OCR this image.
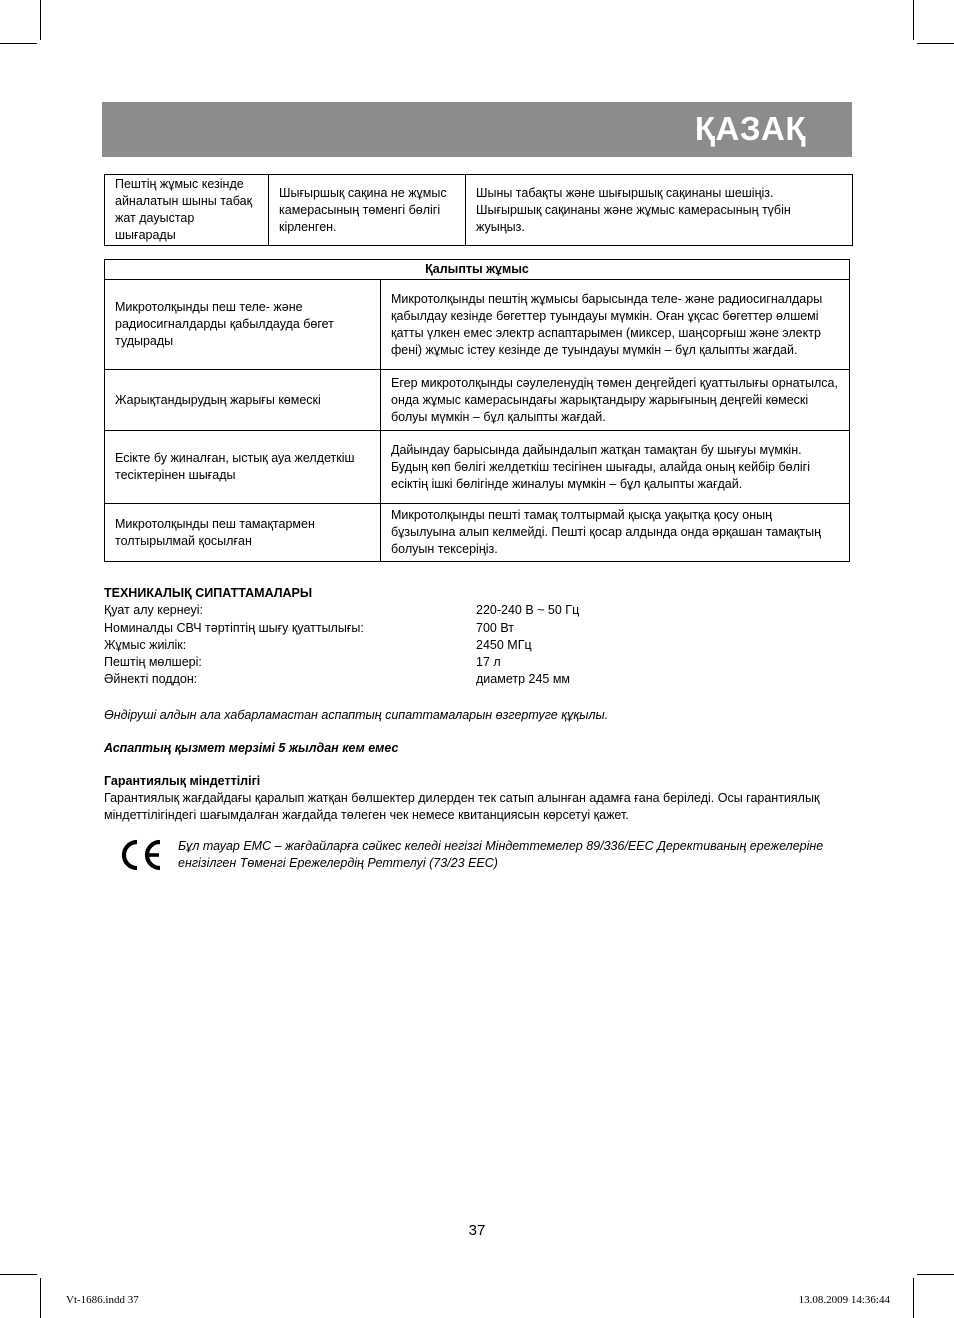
ҚАЗАҚ
Пештің жұмыс кезінде айналатын шыны табақ жат дауыстар шығарады	Шығыршық сақина не жұмыс камерасының төменгі бөлігі кірленген.	Шыны табақты және шығыршық сақинаны шешіңіз. Шығыршық сақинаны және жұмыс камерасының түбін жуыңыз.
Қалыпты жұмыс	
Микротолқынды пеш теле- және радиосигналдарды қабылдауда бөгет тудырады	Микротолқынды пештің жұмысы барысында теле- және радиосигналдары қабылдау кезінде бөгеттер туындауы мүмкін. Оған ұқсас бөгеттер өлшемі қатты үлкен емес электр аспаптарымен (миксер, шаңсорғыш және электр фені) жұмыс істеу кезінде де туындауы мүмкін – бұл қалыпты жағдай.
Жарықтандырудың жарығы көмескі	Егер микротолқынды сәулеленудің төмен деңгейдегі қуаттылығы орнатылса, онда жұмыс камерасындағы жарықтандыру жарығының деңгейі көмескі болуы мүмкін – бұл қалыпты жағдай.
Есікте бу жиналған, ыстық ауа желдеткіш тесіктерінен шығады	Дайындау барысында дайындалып жатқан тамақтан бу шығуы мүмкін. Будың көп бөлігі желдеткіш тесігінен шығады, алайда оның кейбір бөлігі есіктің ішкі бөлігінде жиналуы мүмкін – бұл қалыпты жағдай.
Микротолқынды пеш тамақтармен толтырылмай қосылған	Микротолқынды пешті тамақ толтырмай қысқа уақытқа қосу оның бұзылуына алып келмейді. Пешті қосар алдында онда әрқашан тамақтың болуын тексеріңіз.
ТЕХНИКАЛЫҚ СИПАТТАМАЛАРЫ
Қуат алу кернеуі:	220-240 В ~ 50 Гц
Номиналды СВЧ тәртіптің шығу қуаттылығы:	700 Вт
Жұмыс жиілік:	2450 МГц
Пештің мөлшері:	17 л
Әйнекті поддон:	диаметр 245 мм
Өндіруші алдын ала хабарламастан аспаптың сипаттамаларын өзгертуге құқылы.
Аспаптың қызмет мерзімі 5 жылдан кем емес
Гарантиялық міндеттілігі
Гарантиялық жағдайдағы қаралып жатқан бөлшектер дилерден тек сатып алынған адамға ғана беріледі. Осы гарантиялық міндеттілігіндегі шағымдалған жағдайда төлеген чек немесе квитанциясын көрсетуі қажет.
Бұл тауар ЕМС – жағдайларға сәйкес келеді негізгі Міндеттемелер 89/336/ЕЕС Дерективаның ережелеріне енгізілген Төменгі Ережелердің Реттелуі (73/23 ЕЕС)
37
Vt-1686.indd 37	13.08.2009 14:36:44
